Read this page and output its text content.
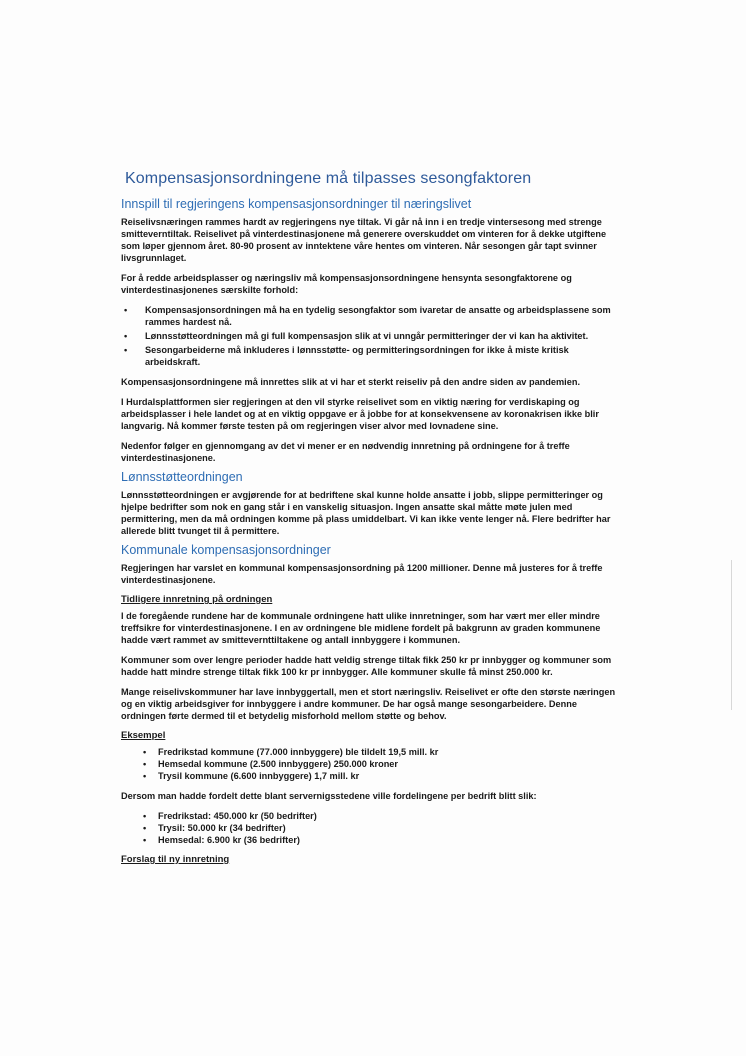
Kompensasjonsordningene må tilpasses sesongfaktoren
Innspill til regjeringens kompensasjonsordninger til næringslivet

Reiselivsnæringen rammes hardt av regjeringens nye tiltak. Vi går nå inn i en tredje vintersesong med strenge smitteverntiltak. Reiselivet på vinterdestinasjonene må generere overskuddet om vinteren for å dekke utgiftene som løper gjennom året. 80-90 prosent av inntektene våre hentes om vinteren. Når sesongen går tapt svinner livsgrunnlaget.

For å redde arbeidsplasser og næringsliv må kompensasjonsordningene hensynta sesongfaktorene og vinterdestinasjonenes særskilte forhold:

• Kompensasjonsordningen må ha en tydelig sesongfaktor som ivaretar de ansatte og arbeidsplassene som rammes hardest nå.
• Lønnsstøtteordningen må gi full kompensasjon slik at vi unngår permitteringer der vi kan ha aktivitet.
• Sesongarbeiderne må inkluderes i lønnsstøtte- og permitteringsordningen for ikke å miste kritisk arbeidskraft.

Kompensasjonsordningene må innrettes slik at vi har et sterkt reiseliv på den andre siden av pandemien.

I Hurdalsplattformen sier regjeringen at den vil styrke reiselivet som en viktig næring for verdiskaping og arbeidsplasser i hele landet og at en viktig oppgave er å jobbe for at konsekvensene av koronakrisen ikke blir langvarig. Nå kommer første testen på om regjeringen viser alvor med lovnadene sine.

Nedenfor følger en gjennomgang av det vi mener er en nødvendig innretning på ordningene for å treffe vinterdestinasjonene.

Lønnsstøtteordningen

Lønnsstøtteordningen er avgjørende for at bedriftene skal kunne holde ansatte i jobb, slippe permitteringer og hjelpe bedrifter som nok en gang står i en vanskelig situasjon. Ingen ansatte skal måtte møte julen med permittering, men da må ordningen komme på plass umiddelbart. Vi kan ikke vente lenger nå. Flere bedrifter har allerede blitt tvunget til å permittere.

Kommunale kompensasjonsordninger

Regjeringen har varslet en kommunal kompensasjonsordning på 1200 millioner. Denne må justeres for å treffe vinterdestinasjonene.

Tidligere innretning på ordningen

I de foregående rundene har de kommunale ordningene hatt ulike innretninger, som har vært mer eller mindre treffsikre for vinterdestinasjonene. I en av ordningene ble midlene fordelt på bakgrunn av graden kommunene hadde vært rammet av smittevernttiltakene og antall innbyggere i kommunen.

Kommuner som over lengre perioder hadde hatt veldig strenge tiltak fikk 250 kr pr innbygger og kommuner som hadde hatt mindre strenge tiltak fikk 100 kr pr innbygger. Alle kommuner skulle få minst 250.000 kr.

Mange reiselivskommuner har lave innbyggertall, men et stort næringsliv. Reiselivet er ofte den største næringen og en viktig arbeidsgiver for innbyggere i andre kommuner. De har også mange sesongarbeidere. Denne ordningen førte dermed til et betydelig misforhold mellom støtte og behov.

Eksempel
• Fredrikstad kommune (77.000 innbyggere) ble tildelt 19,5 mill. kr
• Hemsedal kommune (2.500 innbyggere) 250.000 kroner
• Trysil kommune (6.600 innbyggere) 1,7 mill. kr

Dersom man hadde fordelt dette blant servernigsstedene ville fordelingene per bedrift blitt slik:

• Fredrikstad: 450.000 kr (50 bedrifter)
• Trysil: 50.000 kr (34 bedrifter)
• Hemsedal: 6.900 kr (36 bedrifter)
Forslag til ny innretning
